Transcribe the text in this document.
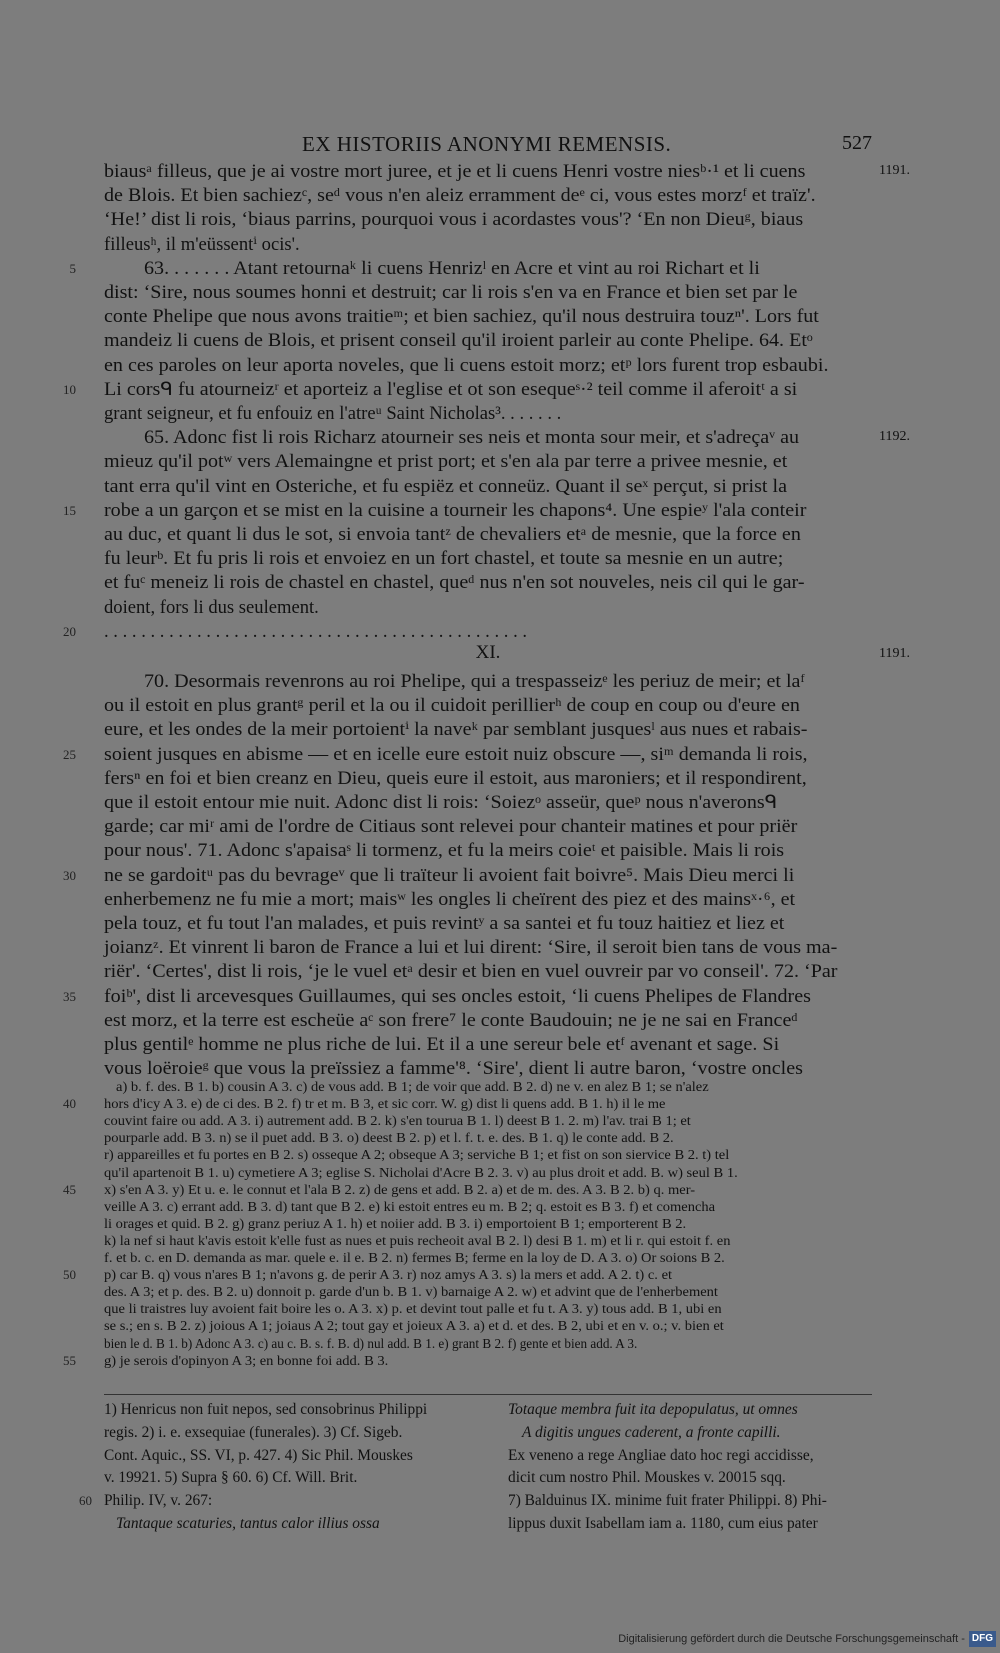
EX HISTORIIS ANONYMI REMENSIS.	527
biausᵃ filleus, que je ai vostre mort juree, et je et li cuens Henri vostre niesᵇ·¹ et li cuens
de Blois. Et bien sachiezᶜ, seᵈ vous n'en aleiz erramment deᵉ ci, vous estes morzᶠ et traïz'.
‘He!’ dist li rois, ‘biaus parrins, pourquoi vous i acordastes vous'? ‘En non Dieuᵍ, biaus
filleusʰ, il m'eüssentⁱ ocis'.
63. . . . . . . Atant retournaᵏ li cuens Henrizˡ en Acre et vint au roi Richart et li
5
dist: ‘Sire, nous soumes honni et destruit; car li rois s'en va en France et bien set par le
conte Phelipe que nous avons traitieᵐ; et bien sachiez, qu'il nous destruira touzⁿ'. Lors fut
mandeiz li cuens de Blois, et prisent conseil qu'il iroient parleir au conte Phelipe. 64. Etᵒ
en ces paroles on leur aporta noveles, que li cuens estoit morz; etᵖ lors furent trop esbaubi.
Li corsᑫ fu atourneizʳ et aporteiz a l'eglise et ot son esequeˢ·² teil comme il aferoitᵗ a si
10
grant seigneur, et fu enfouiz en l'atreᵘ Saint Nicholas³. . . . . . .
65. Adonc fist li rois Richarz atourneir ses neis et monta sour meir, et s'adreçaᵛ au
mieuz qu'il potʷ vers Alemaingne et prist port; et s'en ala par terre a privee mesnie, et
tant erra qu'il vint en Osteriche, et fu espiëz et conneüz. Quant il seˣ perçut, si prist la
robe a un garçon et se mist en la cuisine a tourneir les chapons⁴. Une espieʸ l'ala conteir
15
au duc, et quant li dus le sot, si envoia tantᶻ de chevaliers etᵃ de mesnie, que la force en
fu leurᵇ. Et fu pris li rois et envoiez en un fort chastel, et toute sa mesnie en un autre;
et fuᶜ meneiz li rois de chastel en chastel, queᵈ nus n'en sot nouveles, neis cil qui le gar-
doient, fors li dus seulement.
. . . . . . . . . . . . . . . . . . . . . . . . . . . . . . . . . . . . . . . . . . . . . .
20
70. Desormais revenrons au roi Phelipe, qui a trespasseizᵉ les periuz de meir; et laᶠ
ou il estoit en plus grantᵍ peril et la ou il cuidoit perillierʰ de coup en coup ou d'eure en
eure, et les ondes de la meir portoientⁱ la naveᵏ par semblant jusquesˡ aus nues et rabais-
soient jusques en abisme — et en icelle eure estoit nuiz obscure —, siᵐ demanda li rois,
25
fersⁿ en foi et bien creanz en Dieu, queis eure il estoit, aus maroniers; et il respondirent,
que il estoit entour mie nuit. Adonc dist li rois: ‘Soiezᵒ asseür, queᵖ nous n'averonsᑫ
garde; car miʳ ami de l'ordre de Citiaus sont relevei pour chanteir matines et pour priër
pour nous'. 71. Adonc s'apaisaˢ li tormenz, et fu la meirs coieᵗ et paisible. Mais li rois
ne se gardoitᵘ pas du bevrageᵛ que li traïteur li avoient fait boivre⁵. Mais Dieu merci li
30
enherbemenz ne fu mie a mort; maisʷ les ongles li cheïrent des piez et des mainsˣ·⁶, et
pela touz, et fu tout l'an malades, et puis revintʸ a sa santei et fu touz haitiez et liez et
joianzᶻ. Et vinrent li baron de France a lui et lui dirent: ‘Sire, il seroit bien tans de vous ma-
riër'. ‘Certes', dist li rois, ‘je le vuel etᵃ desir et bien en vuel ouvreir par vo conseil'. 72. ‘Par
foiᵇ', dist li arcevesques Guillaumes, qui ses oncles estoit, ‘li cuens Phelipes de Flandres
35
est morz, et la terre est escheüe aᶜ son frere⁷ le conte Baudouin; ne je ne sai en Franceᵈ
plus gentilᵉ homme ne plus riche de lui. Et il a une sereur bele etᶠ avenant et sage. Si
vous loëroieᵍ que vous la preïssiez a famme'⁸. ‘Sire', dient li autre baron, ‘vostre oncles
XI.
1191.
1192.
1191.
a) b. f. des. B 1. b) cousin A 3. c) de vous add. B 1; de voir que add. B 2. d) ne v. en alez B 1; se n'alez
hors d'icy A 3. e) de ci des. B 2. f) tr et m. B 3, et sic corr. W. g) dist li quens add. B 1. h) il le me
40
couvint faire ou add. A 3. i) autrement add. B 2. k) s'en tourua B 1. l) deest B 1. 2. m) l'av. trai B 1; et
pourparle add. B 3. n) se il puet add. B 3. o) deest B 2. p) et l. f. t. e. des. B 1. q) le conte add. B 2.
r) appareilles et fu portes en B 2. s) osseque A 2; obseque A 3; serviche B 1; et fist on son siervice B 2. t) tel
qu'il apartenoit B 1. u) cymetiere A 3; eglise S. Nicholai d'Acre B 2. 3. v) au plus droit et add. B. w) seul B 1.
x) s'en A 3. y) Et u. e. le connut et l'ala B 2. z) de gens et add. B 2. a) et de m. des. A 3. B 2. b) q. mer-
45
veille A 3. c) errant add. B 3. d) tant que B 2. e) ki estoit entres eu m. B 2; q. estoit es B 3. f) et comencha
li orages et quid. B 2. g) granz periuz A 1. h) et noiier add. B 3. i) emportoient B 1; emporterent B 2.
k) la nef si haut k'avis estoit k'elle fust as nues et puis recheoit aval B 2. l) desi B 1. m) et li r. qui estoit f. en
f. et b. c. en D. demanda as mar. quele e. il e. B 2. n) fermes B; ferme en la loy de D. A 3. o) Or soions B 2.
p) car B. q) vous n'ares B 1; n'avons g. de perir A 3. r) noz amys A 3. s) la mers et add. A 2. t) c. et
50
des. A 3; et p. des. B 2. u) donnoit p. garde d'un b. B 1. v) barnaige A 2. w) et advint que de l'enherbement
que li traistres luy avoient fait boire les o. A 3. x) p. et devint tout palle et fu t. A 3. y) tous add. B 1, ubi en
se s.; en s. B 2. z) joious A 1; joiaus A 2; tout gay et joieux A 3. a) et d. et des. B 2, ubi et en v. o.; v. bien et
bien le d. B 1. b) Adonc A 3. c) au c. B. s. f. B. d) nul add. B 1. e) grant B 2. f) gente et bien add. A 3.
g) je serois d'opinyon A 3; en bonne foi add. B 3.
55
1) Henricus non fuit nepos, sed consobrinus Philippi
regis. 2) i. e. exsequiae (funerales). 3) Cf. Sigeb.
Cont. Aquic., SS. VI, p. 427. 4) Sic Phil. Mouskes
v. 19921. 5) Supra § 60. 6) Cf. Will. Brit.
Philip. IV, v. 267:
60
Tantaque scaturies, tantus calor illius ossa
Totaque membra fuit ita depopulatus, ut omnes
A digitis ungues caderent, a fronte capilli.
Ex veneno a rege Angliae dato hoc regi accidisse,
dicit cum nostro Phil. Mouskes v. 20015 sqq.
7) Balduinus IX. minime fuit frater Philippi. 8) Phi-
lippus duxit Isabellam iam a. 1180, cum eius pater
Digitalisierung gefördert durch die Deutsche Forschungsgemeinschaft - DFG
